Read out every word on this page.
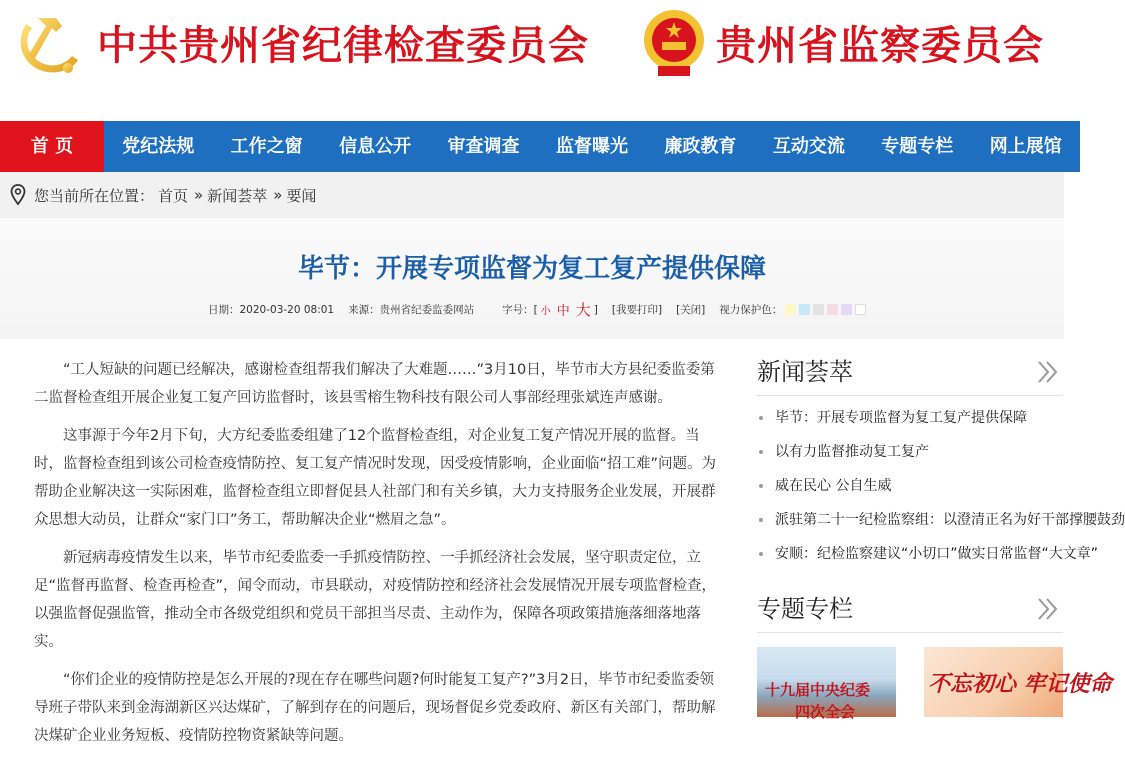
中共贵州省纪律检查委员会	贵州省监察委员会
首 页	党纪法规	工作之窗	信息公开	审查调查	监督曝光	廉政教育	互动交流	专题专栏	网上展馆
您当前所在位置： 首页 » 新闻荟萃 » 要闻
毕节：开展专项监督为复工复产提供保障
日期：2020-03-20 08:01 来源：贵州省纪委监委网站	字号：[ 小 中 大 ] [我要打印] [关闭] 视力保护色：

“工人短缺的问题已经解决，感谢检查组帮我们解决了大难题……”3月10日，毕节市大方县纪委监委第二监督检查组开展企业复工复产回访监督时，该县雪榕生物科技有限公司人事部经理张斌连声感谢。

这事源于今年2月下旬，大方纪委监委组建了12个监督检查组，对企业复工复产情况开展的监督。当时，监督检查组到该公司检查疫情防控、复工复产情况时发现，因受疫情影响，企业面临“招工难”问题。为帮助企业解决这一实际困难，监督检查组立即督促县人社部门和有关乡镇，大力支持服务企业发展，开展群众思想大动员，让群众“家门口”务工，帮助解决企业“燃眉之急”。

新冠病毒疫情发生以来，毕节市纪委监委一手抓疫情防控、一手抓经济社会发展，坚守职责定位，立足“监督再监督、检查再检查”，闻令而动，市县联动，对疫情防控和经济社会发展情况开展专项监督检查，以强监督促强监管，推动全市各级党组织和党员干部担当尽责、主动作为，保障各项政策措施落细落地落实。

“你们企业的疫情防控是怎么开展的?现在存在哪些问题?何时能复工复产?”3月2日，毕节市纪委监委领导班子带队来到金海湖新区兴达煤矿，了解到存在的问题后，现场督促乡党委政府、新区有关部门，帮助解决煤矿企业业务短板、疫情防控物资紧缺等问题。

新闻荟萃
毕节：开展专项监督为复工复产提供保障
以有力监督推动复工复产
威在民心 公自生威
派驻第二十一纪检监察组：以澄清正名为好干部撑腰鼓劲
安顺：纪检监察建议“小切口”做实日常监督“大文章”
专题专栏
十九届中央纪委
四次全会
不忘初心 牢记使命
